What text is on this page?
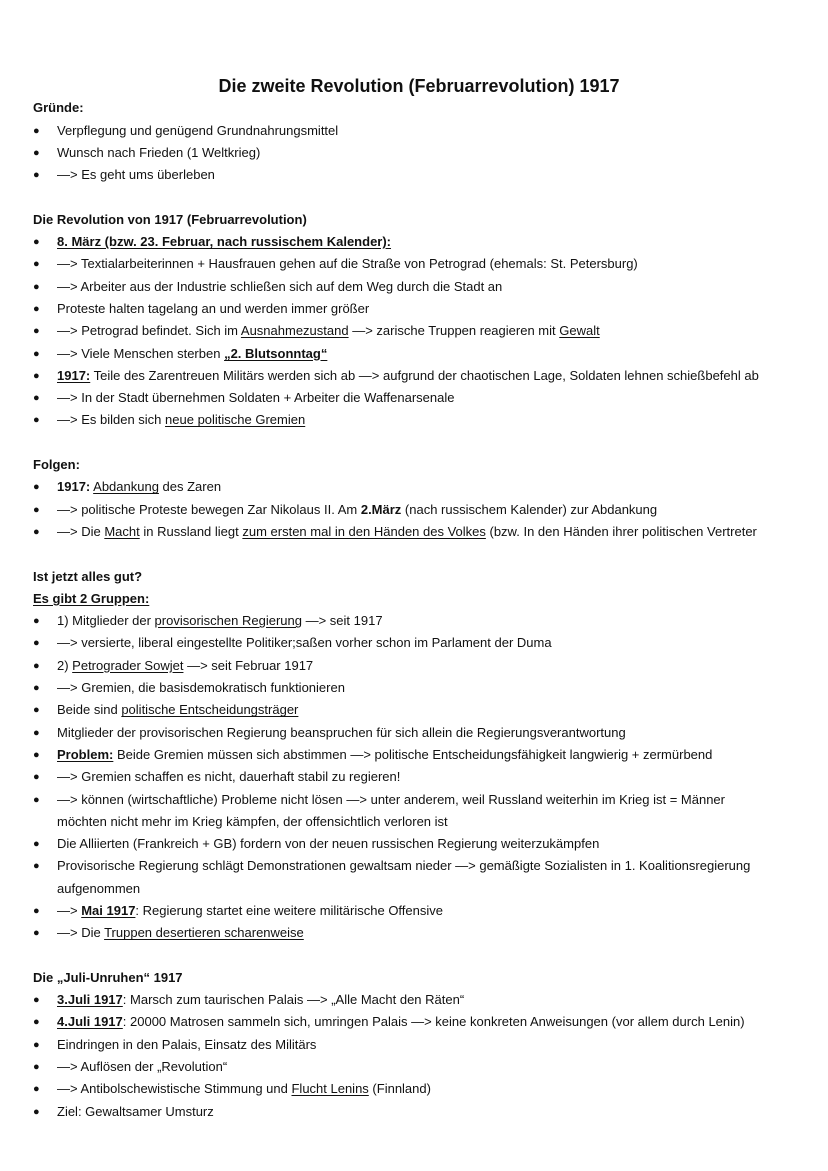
Die zweite Revolution (Februarrevolution) 1917
Gründe:
● Verpflegung und genügend Grundnahrungsmittel
● Wunsch nach Frieden (1 Weltkrieg)
● —> Es geht ums überleben
Die Revolution von 1917 (Februarrevolution)
● 8. März (bzw. 23. Februar, nach russischem Kalender):
● —> Textialarbeiterinnen + Hausfrauen gehen auf die Straße von Petrograd (ehemals: St. Petersburg)
● —> Arbeiter aus der Industrie schließen sich auf dem Weg durch die Stadt an
● Proteste halten tagelang an und werden immer größer
● —> Petrograd befindet. Sich im Ausnahmezustand —> zarische Truppen reagieren mit Gewalt
● —> Viele Menschen sterben „2. Blutsonntag“
● 1917: Teile des Zarentreuen Militärs werden sich ab —> aufgrund der chaotischen Lage, Soldaten lehnen schießbefehl ab
● —> In der Stadt übernehmen Soldaten + Arbeiter die Waffenarsenale
● —> Es bilden sich neue politische Gremien
Folgen:
● 1917: Abdankung des Zaren
● —> politische Proteste bewegen Zar Nikolaus II. Am 2.März (nach russischem Kalender) zur Abdankung
● —> Die Macht in Russland liegt zum ersten mal in den Händen des Volkes (bzw. In den Händen ihrer politischen Vertreter
Ist jetzt alles gut?
Es gibt 2 Gruppen:
● 1) Mitglieder der provisorischen Regierung —> seit 1917
● —> versierte, liberal eingestellte Politiker;saßen vorher schon im Parlament der Duma
● 2) Petrograder Sowjet —> seit Februar 1917
● —> Gremien, die basisdemokratisch funktionieren
● Beide sind politische Entscheidungsträger
● Mitglieder der provisorischen Regierung beanspruchen für sich allein die Regierungsverantwortung
● Problem: Beide Gremien müssen sich abstimmen —> politische Entscheidungsfähigkeit langwierig + zermürbend
● —> Gremien schaffen es nicht, dauerhaft stabil zu regieren!
● —> können (wirtschaftliche) Probleme nicht lösen —> unter anderem, weil Russland weiterhin im Krieg ist = Männer
möchten nicht mehr im Krieg kämpfen, der offensichtlich verloren ist
● Die Alliierten (Frankreich + GB) fordern von der neuen russischen Regierung weiterzukämpfen
● Provisorische Regierung schlägt Demonstrationen gewaltsam nieder —> gemäßigte Sozialisten in 1. Koalitionsregierung
aufgenommen
● —> Mai 1917: Regierung startet eine weitere militärische Offensive
● —> Die Truppen desertieren scharenweise
Die „Juli-Unruhen“ 1917
● 3.Juli 1917: Marsch zum taurischen Palais —> „Alle Macht den Räten“
● 4.Juli 1917: 20000 Matrosen sammeln sich, umringen Palais —> keine konkreten Anweisungen (vor allem durch Lenin)
● Eindringen in den Palais, Einsatz des Militärs
● —> Auflösen der „Revolution“
● —> Antibolschewistische Stimmung und Flucht Lenins (Finnland)
● Ziel: Gewaltsamer Umsturz
